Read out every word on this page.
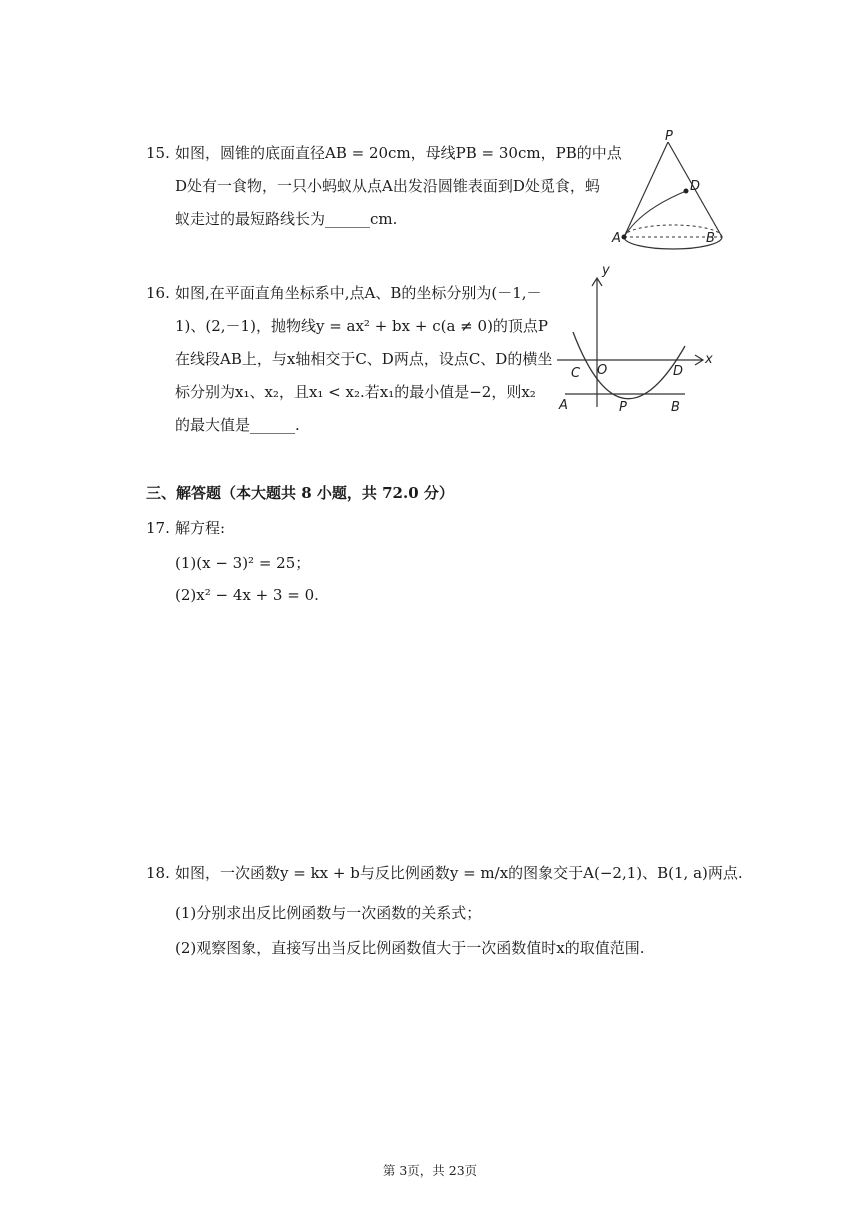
15. 如图，圆锥的底面直径AB = 20cm，母线PB = 30cm，PB的中点
D处有一食物，一只小蚂蚁从点A出发沿圆锥表面到D处觅食，蚂
蚁走过的最短路线长为______cm.
P
D
A	B
16. 如图,在平面直角坐标系中,点A、B的坐标分别为(－1,－
1)、(2,－1)，抛物线y = ax² + bx + c(a ≠ 0)的顶点P
在线段AB上，与x轴相交于C、D两点，设点C、D的横坐
标分别为x₁、x₂，且x₁ < x₂.若x₁的最小值是−2，则x₂
的最大值是______.
y
x
O
C	D
A	P	B
三、解答题（本大题共 8 小题，共 72.0 分）
17. 解方程:
(1)(x − 3)² = 25；
(2)x² − 4x + 3 = 0.
18. 如图，一次函数y = kx + b与反比例函数y = m/x的图象交于A(−2,1)、B(1, a)两点.
(1)分别求出反比例函数与一次函数的关系式；
(2)观察图象，直接写出当反比例函数值大于一次函数值时x的取值范围.
第 3页，共 23页
